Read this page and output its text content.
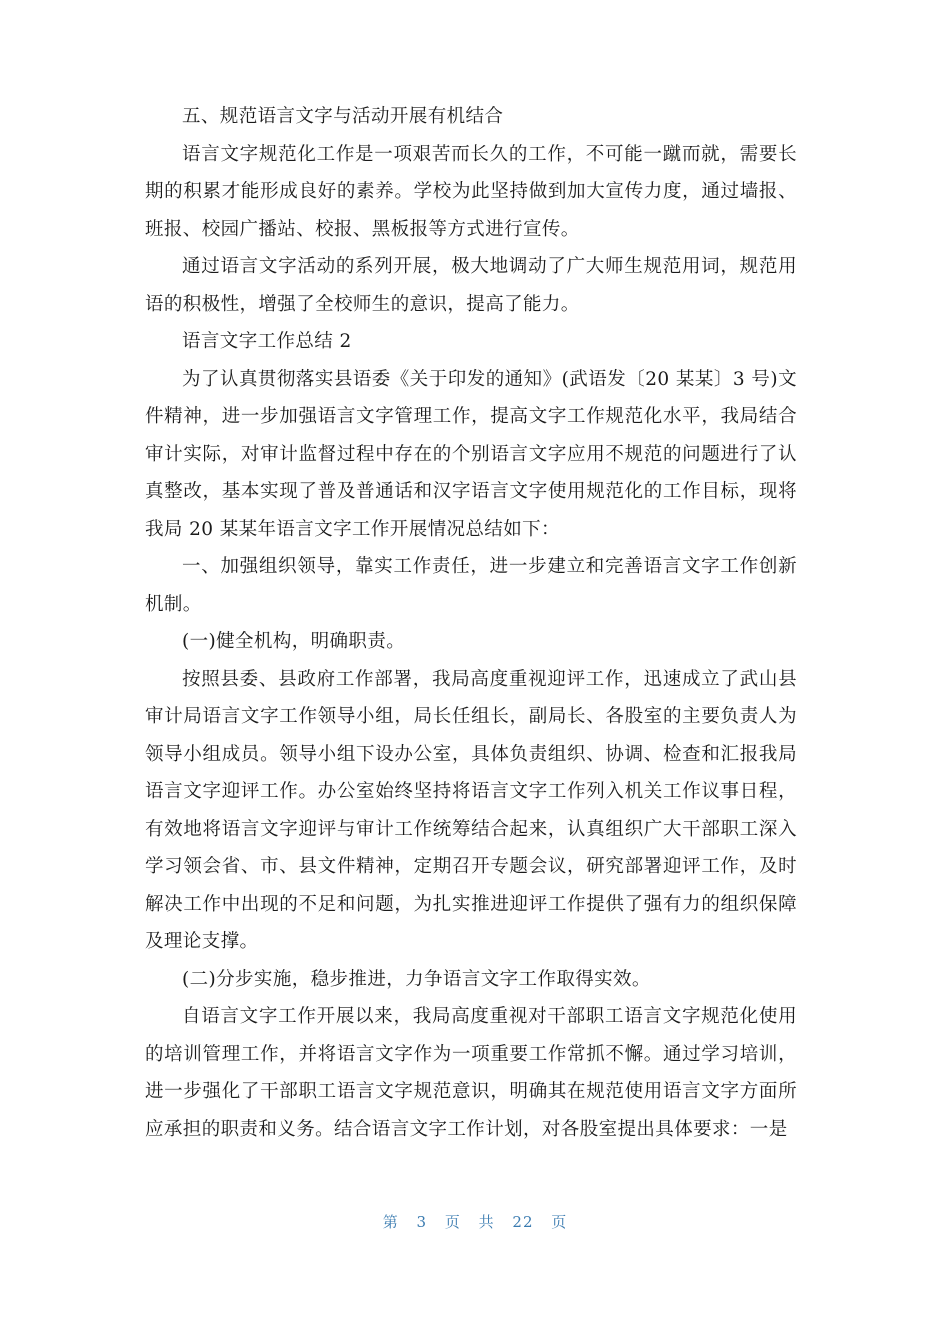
五、规范语言文字与活动开展有机结合

语言文字规范化工作是一项艰苦而长久的工作，不可能一蹴而就，需要长期的积累才能形成良好的素养。学校为此坚持做到加大宣传力度，通过墙报、班报、校园广播站、校报、黑板报等方式进行宣传。

通过语言文字活动的系列开展，极大地调动了广大师生规范用词，规范用语的积极性，增强了全校师生的意识，提高了能力。

语言文字工作总结 2

为了认真贯彻落实县语委《关于印发的通知》(武语发〔20 某某〕3 号)文件精神，进一步加强语言文字管理工作，提高文字工作规范化水平，我局结合审计实际，对审计监督过程中存在的个别语言文字应用不规范的问题进行了认真整改，基本实现了普及普通话和汉字语言文字使用规范化的工作目标，现将我局 20 某某年语言文字工作开展情况总结如下：

一、加强组织领导，靠实工作责任，进一步建立和完善语言文字工作创新机制。

(一)健全机构，明确职责。

按照县委、县政府工作部署，我局高度重视迎评工作，迅速成立了武山县审计局语言文字工作领导小组，局长任组长，副局长、各股室的主要负责人为领导小组成员。领导小组下设办公室，具体负责组织、协调、检查和汇报我局语言文字迎评工作。办公室始终坚持将语言文字工作列入机关工作议事日程，有效地将语言文字迎评与审计工作统筹结合起来，认真组织广大干部职工深入学习领会省、市、县文件精神，定期召开专题会议，研究部署迎评工作，及时解决工作中出现的不足和问题，为扎实推进迎评工作提供了强有力的组织保障及理论支撑。

(二)分步实施，稳步推进，力争语言文字工作取得实效。

自语言文字工作开展以来，我局高度重视对干部职工语言文字规范化使用的培训管理工作，并将语言文字作为一项重要工作常抓不懈。通过学习培训，进一步强化了干部职工语言文字规范意识，明确其在规范使用语言文字方面所应承担的职责和义务。结合语言文字工作计划，对各股室提出具体要求：一是

第 3 页 共 22 页
